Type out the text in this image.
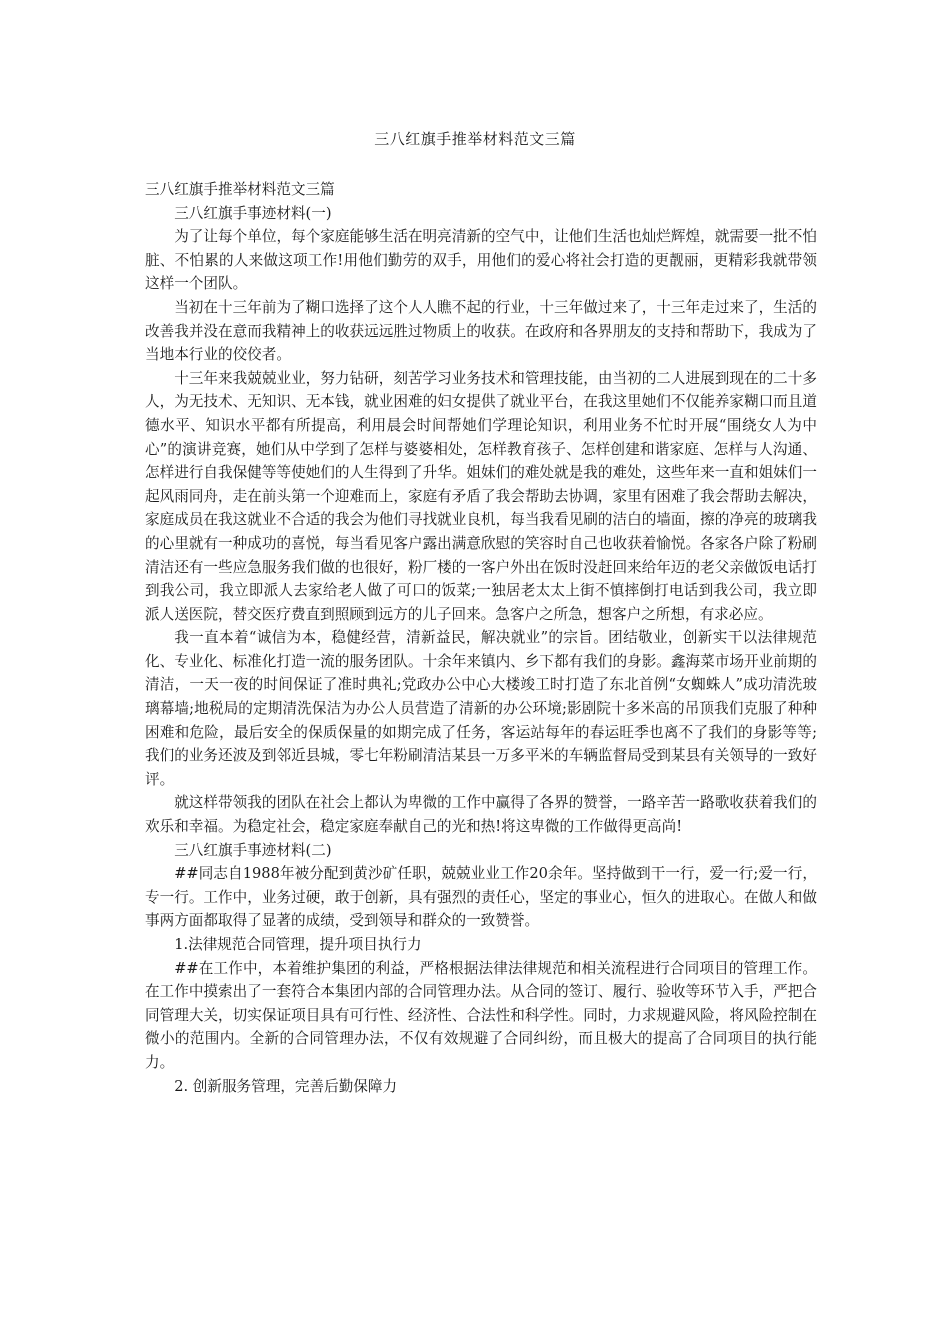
三八红旗手推举材料范文三篇

三八红旗手推举材料范文三篇

三八红旗手事迹材料(一)

为了让每个单位，每个家庭能够生活在明亮清新的空气中，让他们生活也灿烂辉煌，就需要一批不怕脏、不怕累的人来做这项工作!用他们勤劳的双手，用他们的爱心将社会打造的更靓丽，更精彩我就带领这样一个团队。

当初在十三年前为了糊口选择了这个人人瞧不起的行业，十三年做过来了，十三年走过来了，生活的改善我并没在意而我精神上的收获远远胜过物质上的收获。在政府和各界朋友的支持和帮助下，我成为了当地本行业的佼佼者。

十三年来我兢兢业业，努力钻研，刻苦学习业务技术和管理技能，由当初的二人进展到现在的二十多人，为无技术、无知识、无本钱，就业困难的妇女提供了就业平台，在我这里她们不仅能养家糊口而且道德水平、知识水平都有所提高，利用晨会时间帮她们学理论知识，利用业务不忙时开展“围绕女人为中心”的演讲竞赛，她们从中学到了怎样与婆婆相处，怎样教育孩子、怎样创建和谐家庭、怎样与人沟通、怎样进行自我保健等等使她们的人生得到了升华。姐妹们的难处就是我的难处，这些年来一直和姐妹们一起风雨同舟，走在前头第一个迎难而上，家庭有矛盾了我会帮助去协调，家里有困难了我会帮助去解决，家庭成员在我这就业不合适的我会为他们寻找就业良机，每当我看见刷的洁白的墙面，擦的净亮的玻璃我的心里就有一种成功的喜悦，每当看见客户露出满意欣慰的笑容时自己也收获着愉悦。各家各户除了粉刷清洁还有一些应急服务我们做的也很好，粉厂楼的一客户外出在饭时没赶回来给年迈的老父亲做饭电话打到我公司，我立即派人去家给老人做了可口的饭菜;一独居老太太上街不慎摔倒打电话到我公司，我立即派人送医院，替交医疗费直到照顾到远方的儿子回来。急客户之所急，想客户之所想，有求必应。

我一直本着“诚信为本，稳健经营，清新益民，解决就业”的宗旨。团结敬业，创新实干以法律规范化、专业化、标准化打造一流的服务团队。十余年来镇内、乡下都有我们的身影。鑫海菜市场开业前期的清洁，一天一夜的时间保证了准时典礼;党政办公中心大楼竣工时打造了东北首例“女蜘蛛人”成功清洗玻璃幕墙;地税局的定期清洗保洁为办公人员营造了清新的办公环境;影剧院十多米高的吊顶我们克服了种种困难和危险，最后安全的保质保量的如期完成了任务，客运站每年的春运旺季也离不了我们的身影等等;我们的业务还波及到邻近县城，零七年粉刷清洁某县一万多平米的车辆监督局受到某县有关领导的一致好评。

就这样带领我的团队在社会上都认为卑微的工作中赢得了各界的赞誉，一路辛苦一路歌收获着我们的欢乐和幸福。为稳定社会，稳定家庭奉献自己的光和热!将这卑微的工作做得更高尚!

三八红旗手事迹材料(二)

##同志自1988年被分配到黄沙矿任职，兢兢业业工作20余年。坚持做到干一行，爱一行;爱一行，专一行。工作中，业务过硬，敢于创新，具有强烈的责任心，坚定的事业心，恒久的进取心。在做人和做事两方面都取得了显著的成绩，受到领导和群众的一致赞誉。

1.法律规范合同管理，提升项目执行力

##在工作中，本着维护集团的利益，严格根据法律法律规范和相关流程进行合同项目的管理工作。在工作中摸索出了一套符合本集团内部的合同管理办法。从合同的签订、履行、验收等环节入手，严把合同管理大关，切实保证项目具有可行性、经济性、合法性和科学性。同时，力求规避风险，将风险控制在微小的范围内。全新的合同管理办法，不仅有效规避了合同纠纷，而且极大的提高了合同项目的执行能力。

2. 创新服务管理，完善后勤保障力
